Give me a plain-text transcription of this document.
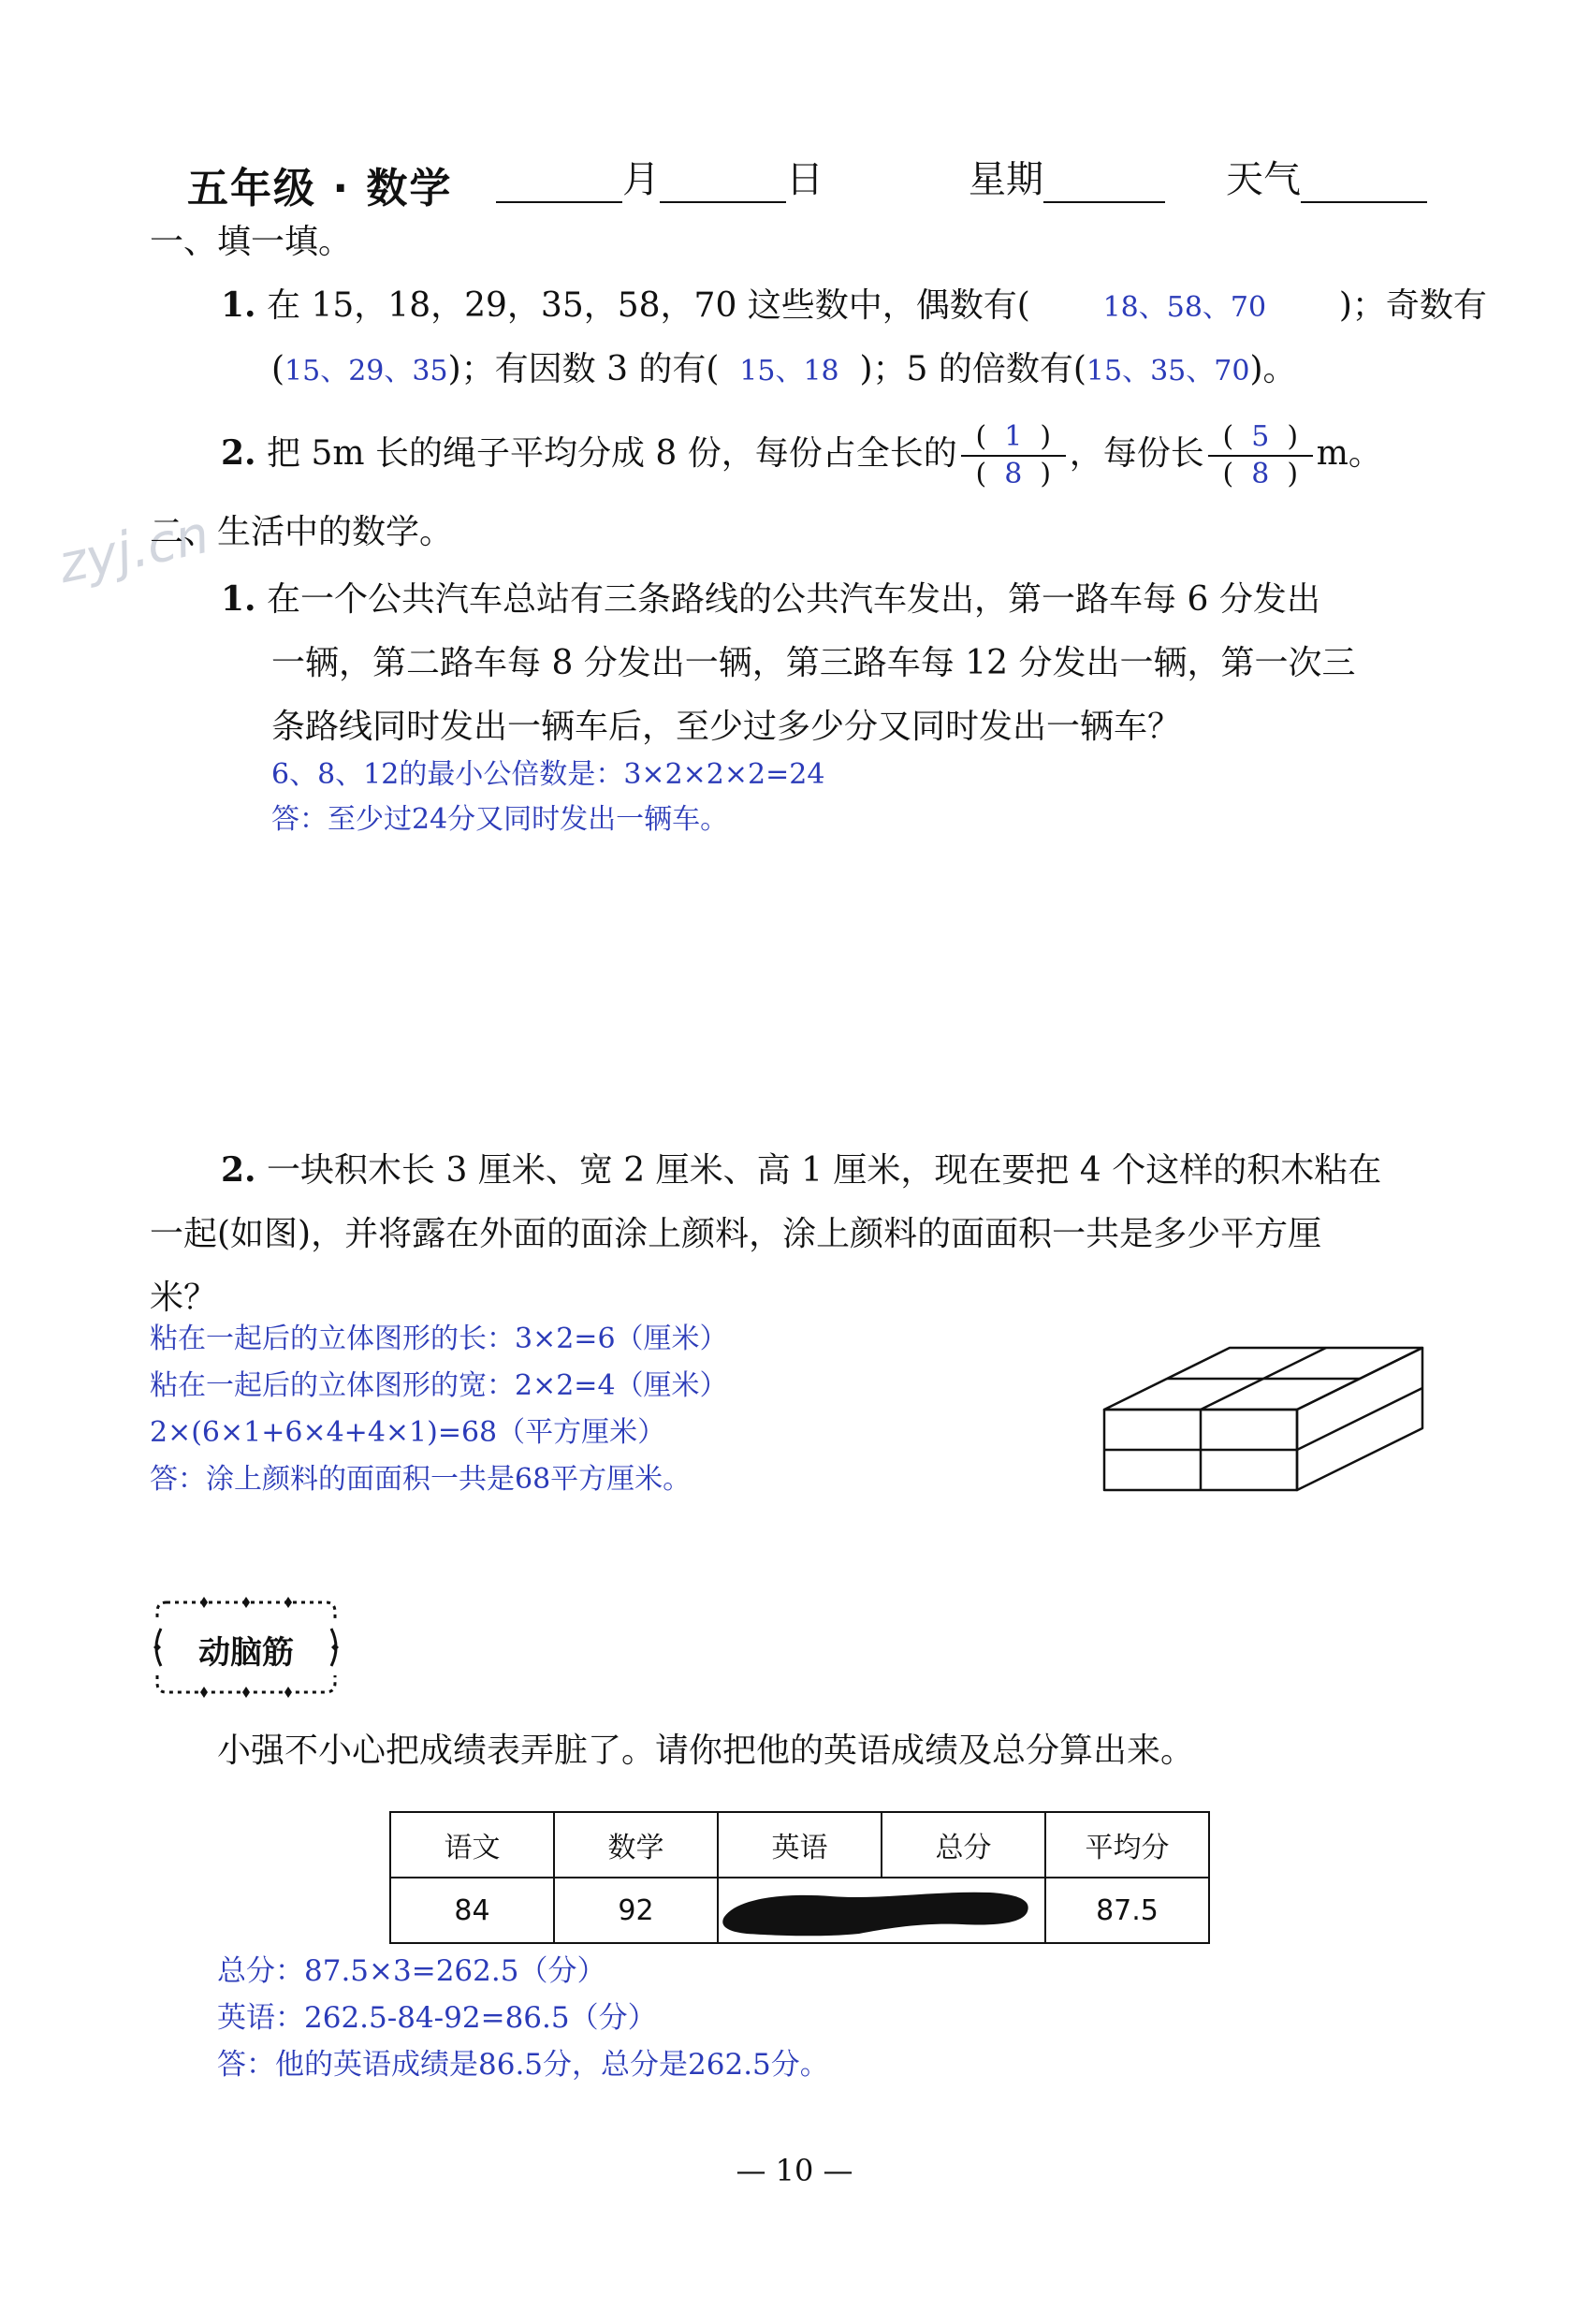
五年级 · 数学	月	日	星期	天气
一、填一填。
1. 在 15，18，29，35，58，70 这些数中，偶数有(	18、58、70 )；奇数有
(15、29、35)；有因数 3 的有( 15、18 )；5 的倍数有(15、35、70)。
2. 把 5m 长的绳子平均分成 8 份，每份占全长的 $\frac{( 1 )}{( 8 )}$ ，每份长 $\frac{( 5 )}{( 8 )}$ m。
zyj.cn
二、生活中的数学。
1. 在一个公共汽车总站有三条路线的公共汽车发出，第一路车每 6 分发出
一辆，第二路车每 8 分发出一辆，第三路车每 12 分发出一辆，第一次三
条路线同时发出一辆车后，至少过多少分又同时发出一辆车？
6、8、12的最小公倍数是：3×2×2×2=24
答：至少过24分又同时发出一辆车。
2. 一块积木长 3 厘米、宽 2 厘米、高 1 厘米，现在要把 4 个这样的积木粘在
一起(如图)，并将露在外面的面涂上颜料，涂上颜料的面面积一共是多少平方厘
米？
粘在一起后的立体图形的长：3×2=6（厘米）
粘在一起后的立体图形的宽：2×2=4（厘米）
2×(6×1+6×4+4×1)=68（平方厘米）
答：涂上颜料的面面积一共是68平方厘米。
动脑筋
小强不小心把成绩表弄脏了。请你把他的英语成绩及总分算出来。
语文	数学	英语	总分	平均分
84	92			87.5
总分：87.5×3=262.5（分）
英语：262.5-84-92=86.5（分）
答：他的英语成绩是86.5分，总分是262.5分。
— 10 —
